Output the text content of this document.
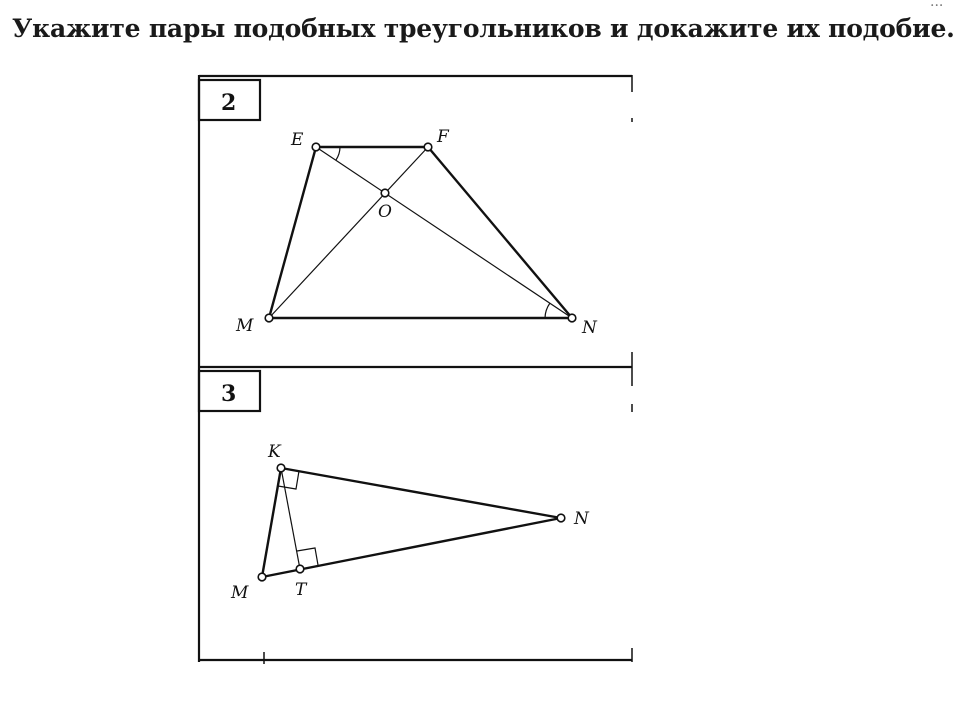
Укажите пары подобных треугольников и докажите их подобие.
...
2
3
E	F
O
M	N
K
N
M	T
